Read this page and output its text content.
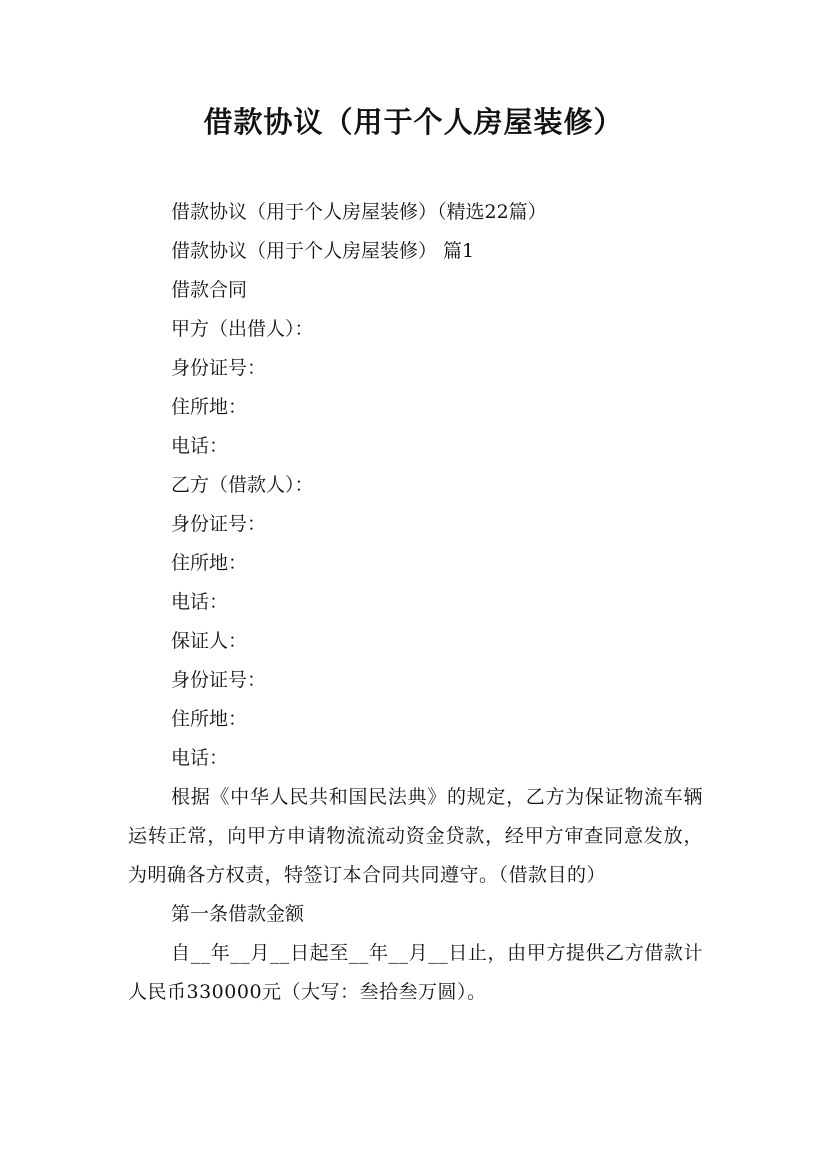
借款协议（用于个人房屋装修）

借款协议（用于个人房屋装修）（精选22篇）

借款协议（用于个人房屋装修） 篇1

借款合同

甲方（出借人）：

身份证号：

住所地：

电话：

乙方（借款人）：

身份证号：

住所地：

电话：

保证人：

身份证号：

住所地：

电话：

根据《中华人民共和国民法典》的规定，乙方为保证物流车辆运转正常，向甲方申请物流流动资金贷款，经甲方审查同意发放，为明确各方权责，特签订本合同共同遵守。（借款目的）

第一条借款金额

自__年__月__日起至__年__月__日止，由甲方提供乙方借款计人民币330000元（大写：叁拾叁万圆）。
